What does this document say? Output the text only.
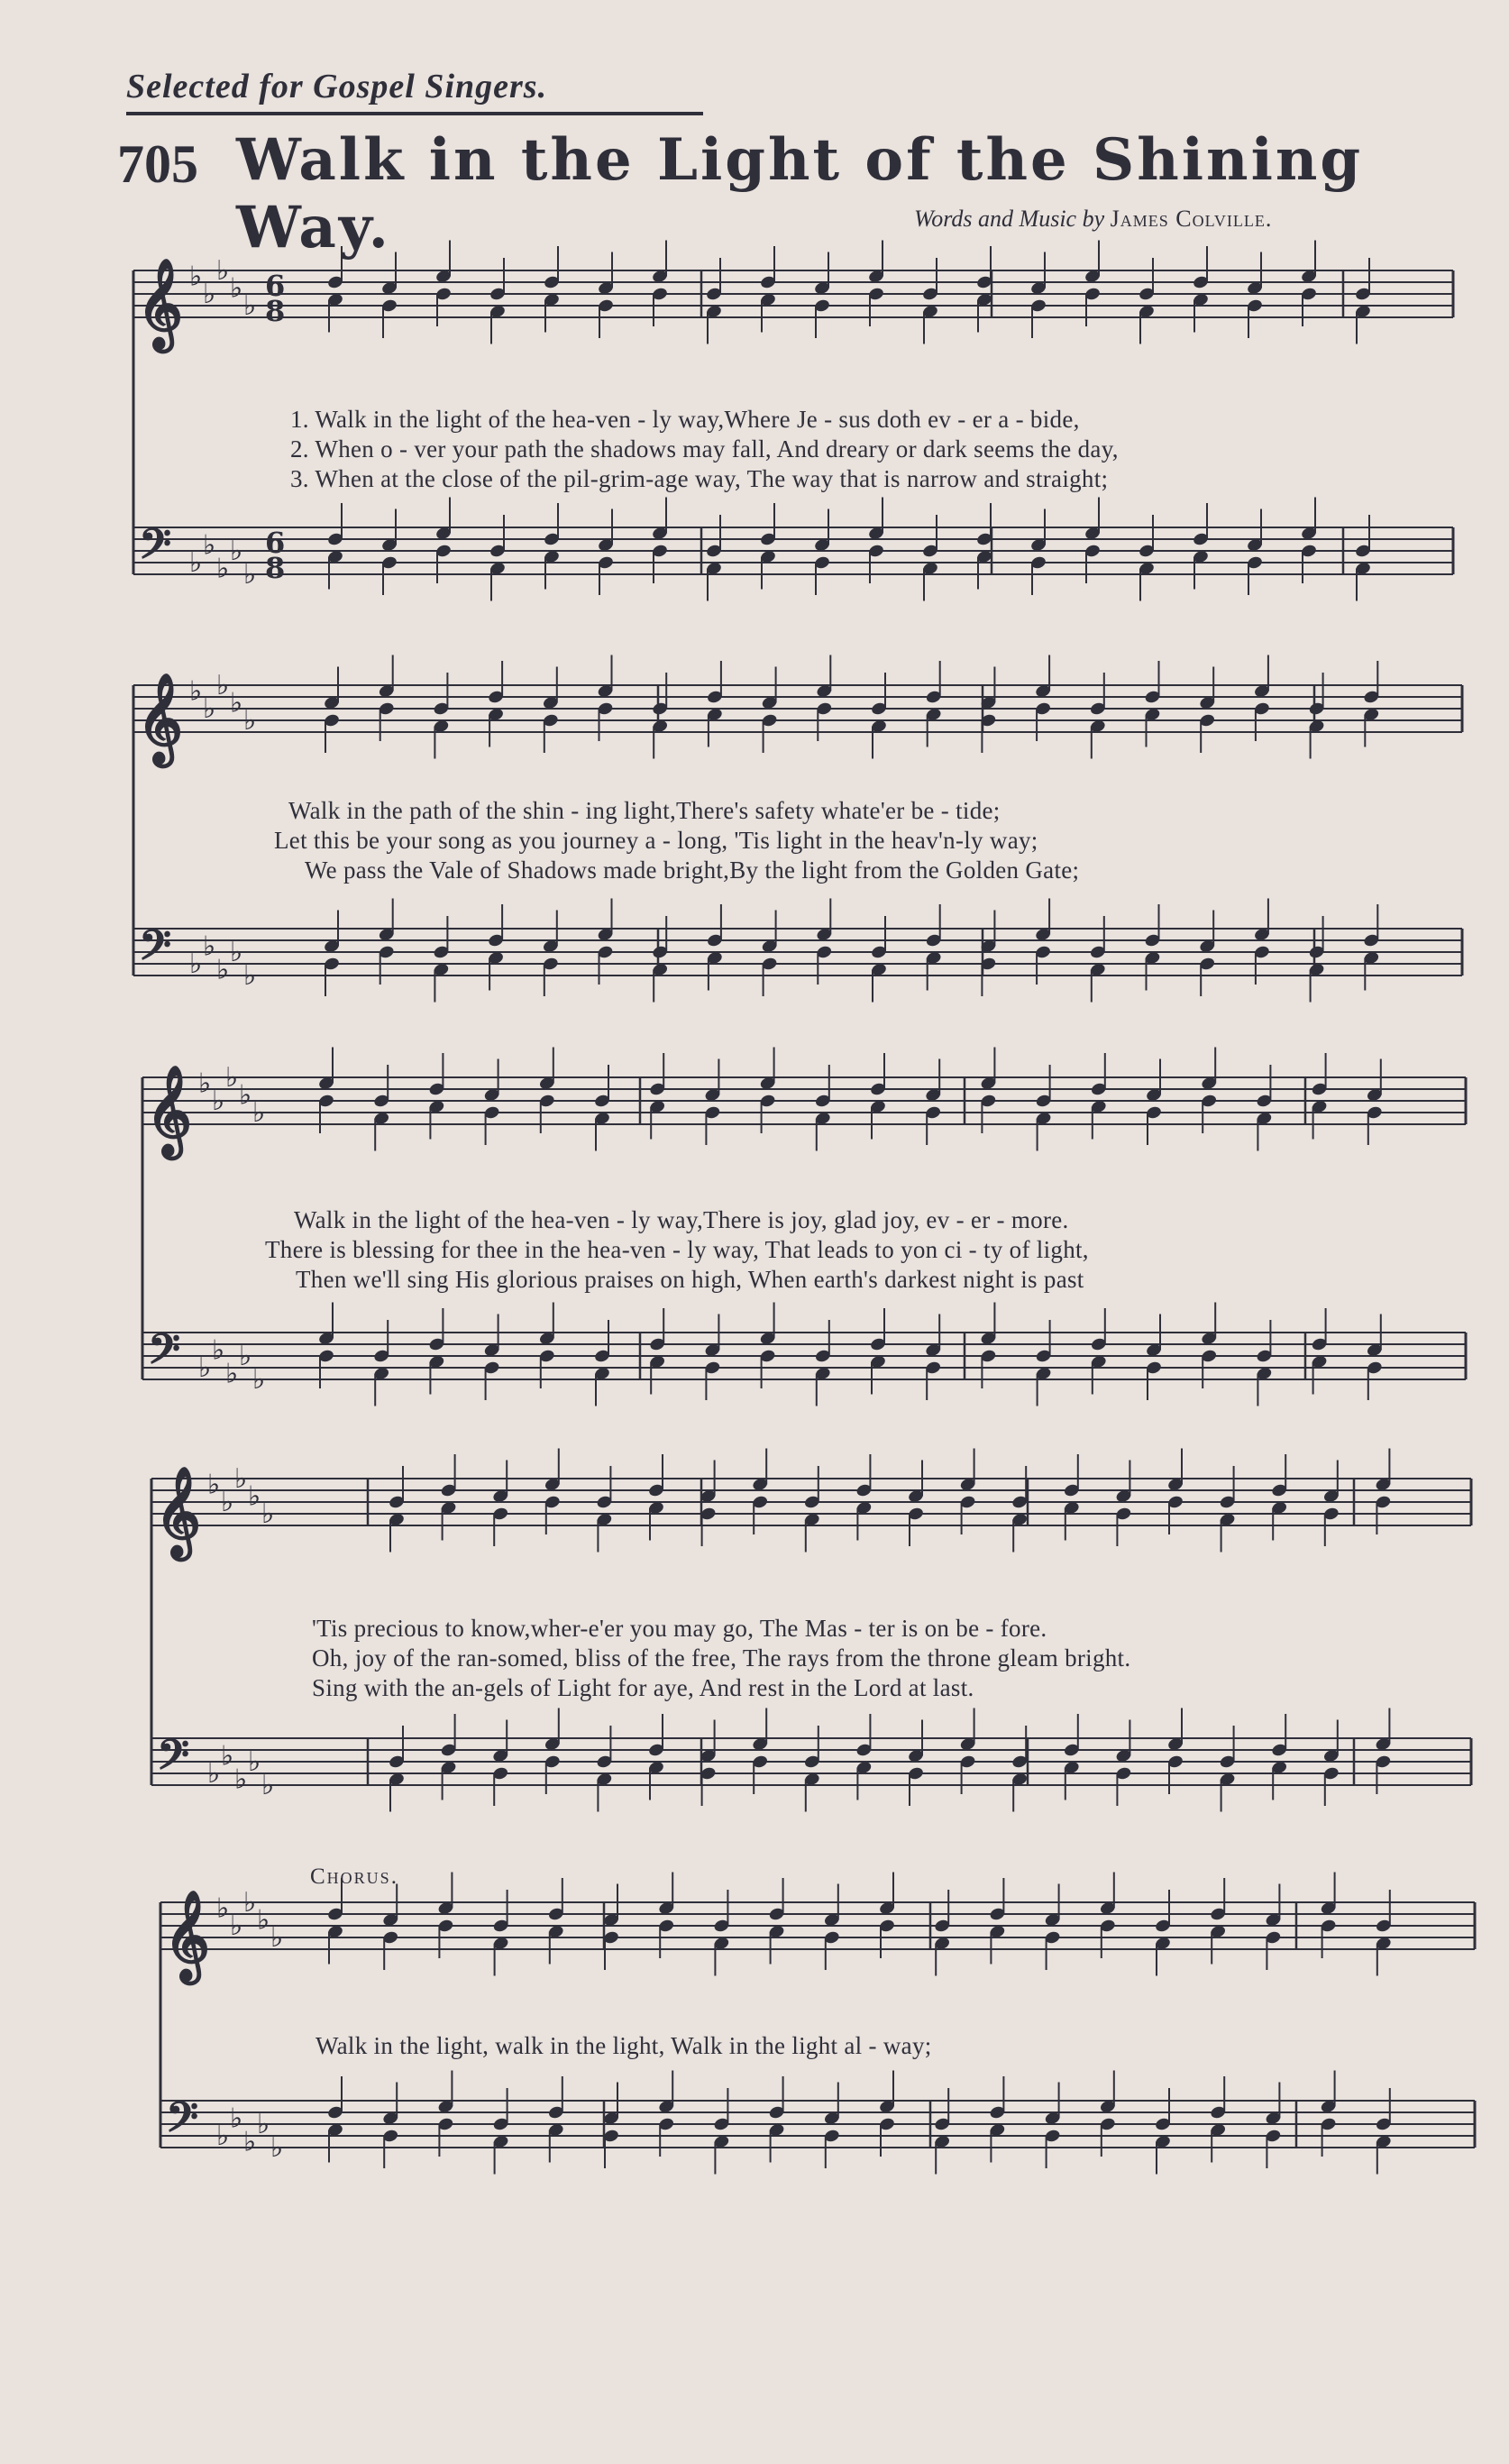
Selected for Gospel Singers.
705 Walk in the Light of the Shining Way.	Words and Music by James Colville.
𝄞 ♭
♭
♭
♭
♭
6
8
𝄢 ♭
♭
♭
♭
♭
6
8
𝄞 ♭
♭
♭
♭
♭
𝄢 ♭
♭
♭
♭
♭
𝄞 ♭
♭
♭
♭
♭
𝄢 ♭
♭
♭
♭
♭
𝄞 ♭
♭
♭
♭
♭
𝄢 ♭
♭
♭
♭
♭
𝄞 ♭
♭
♭
♭
♭
𝄢 ♭
♭
♭
♭
♭
1. Walk in the light of the hea-ven - ly way,Where Je - sus doth ev - er a - bide,
2. When o - ver your path the shadows may fall, And dreary or dark seems the day,
3. When at the close of the pil-grim-age way, The way that is narrow and straight;
Walk in the path of the shin - ing light,There's safety whate'er be - tide;
Let this be your song as you journey a - long, 'Tis light in the heav'n-ly way;
We pass the Vale of Shadows made bright,By the light from the Golden Gate;
Walk in the light of the hea-ven - ly way,There is joy, glad joy, ev - er - more.
There is blessing for thee in the hea-ven - ly way, That leads to yon ci - ty of light,
Then we'll sing His glorious praises on high, When earth's darkest night is past
'Tis precious to know,wher-e'er you may go, The Mas - ter is on be - fore.
Oh, joy of the ran-somed, bliss of the free, The rays from the throne gleam bright.
Sing with the an-gels of Light for aye, And rest in the Lord at last.
Chorus.
Walk in the light, walk in the light, Walk in the light al - way;
